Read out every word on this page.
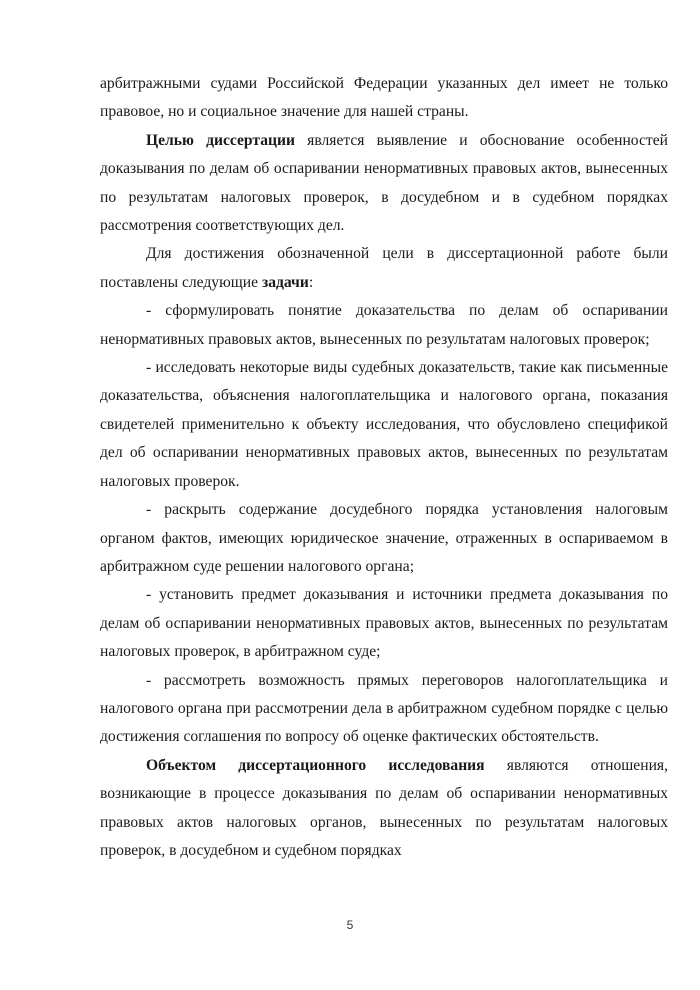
арбитражными судами Российской Федерации указанных дел имеет не только правовое, но и социальное значение для нашей страны.

Целью диссертации является выявление и обоснование особенностей доказывания по делам об оспаривании ненормативных правовых актов, вынесенных по результатам налоговых проверок, в досудебном и в судебном порядках рассмотрения соответствующих дел.

Для достижения обозначенной цели в диссертационной работе были поставлены следующие задачи:

- сформулировать понятие доказательства по делам об оспаривании ненормативных правовых актов, вынесенных по результатам налоговых проверок;

- исследовать некоторые виды судебных доказательств, такие как письменные доказательства, объяснения налогоплательщика и налогового органа, показания свидетелей применительно к объекту исследования, что обусловлено спецификой дел об оспаривании ненормативных правовых актов, вынесенных по результатам налоговых проверок.

- раскрыть содержание досудебного порядка установления налоговым органом фактов, имеющих юридическое значение, отраженных в оспариваемом в арбитражном суде решении налогового органа;

- установить предмет доказывания и источники предмета доказывания по делам об оспаривании ненормативных правовых актов, вынесенных по результатам налоговых проверок, в арбитражном суде;

- рассмотреть возможность прямых переговоров налогоплательщика и налогового органа при рассмотрении дела в арбитражном судебном порядке с целью достижения соглашения по вопросу об оценке фактических обстоятельств.

Объектом диссертационного исследования являются отношения, возникающие в процессе доказывания по делам об оспаривании ненормативных правовых актов налоговых органов, вынесенных по результатам налоговых проверок, в досудебном и судебном порядках

5
